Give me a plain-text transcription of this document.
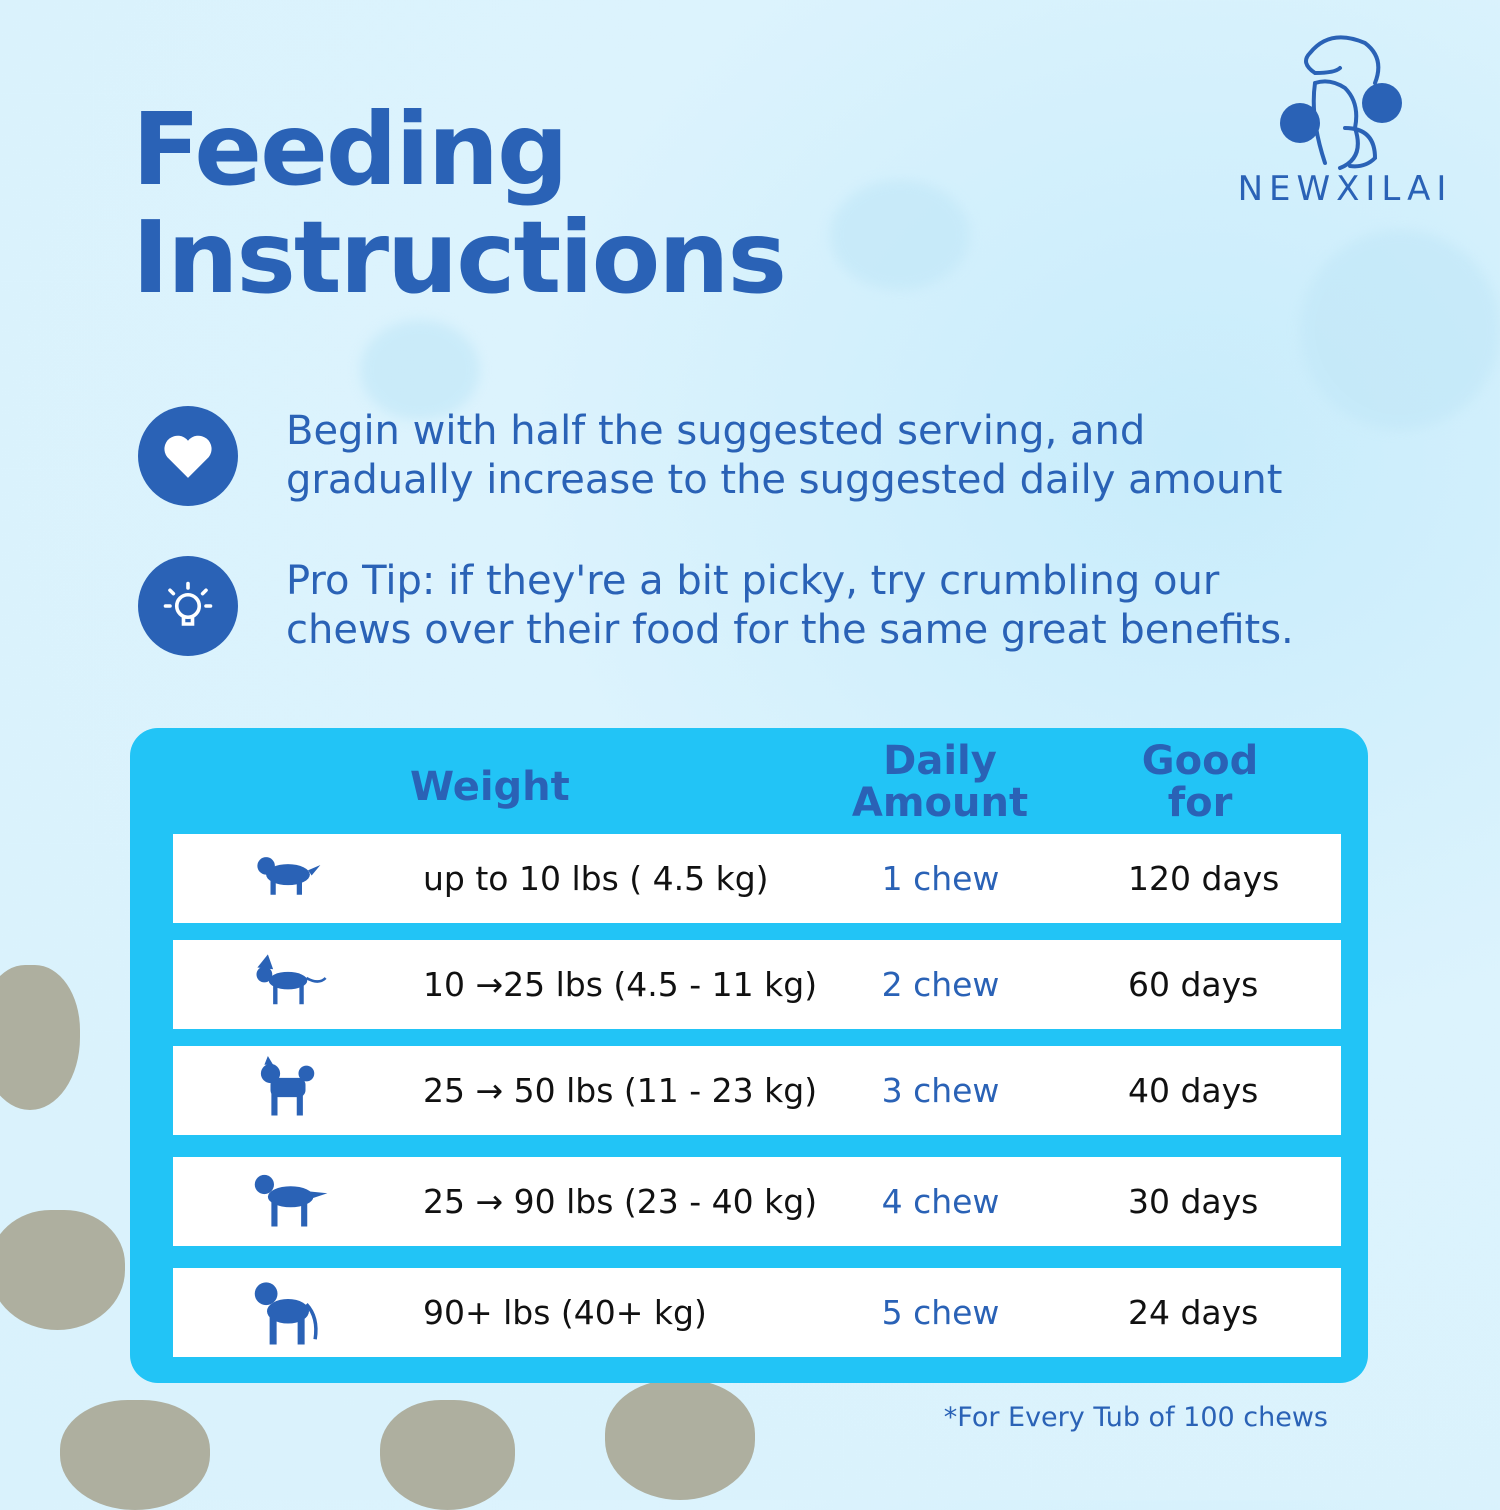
Feeding
Instructions
NEWXILAI
Begin with half the suggested serving, and
gradually increase to the suggested daily amount
Pro Tip: if they're a bit picky, try crumbling our
chews over their food for the same great benefits.
Weight
Daily
Amount
Good
for
up to 10 lbs ( 4.5 kg)	1 chew	120 days
10 →25 lbs (4.5 - 11 kg)	2 chew	60 days
25 → 50 lbs (11 - 23 kg)	3 chew	40 days
25 → 90 lbs (23 - 40 kg)	4 chew	30 days
90+ lbs (40+ kg)	5 chew	24 days
*For Every Tub of 100 chews
